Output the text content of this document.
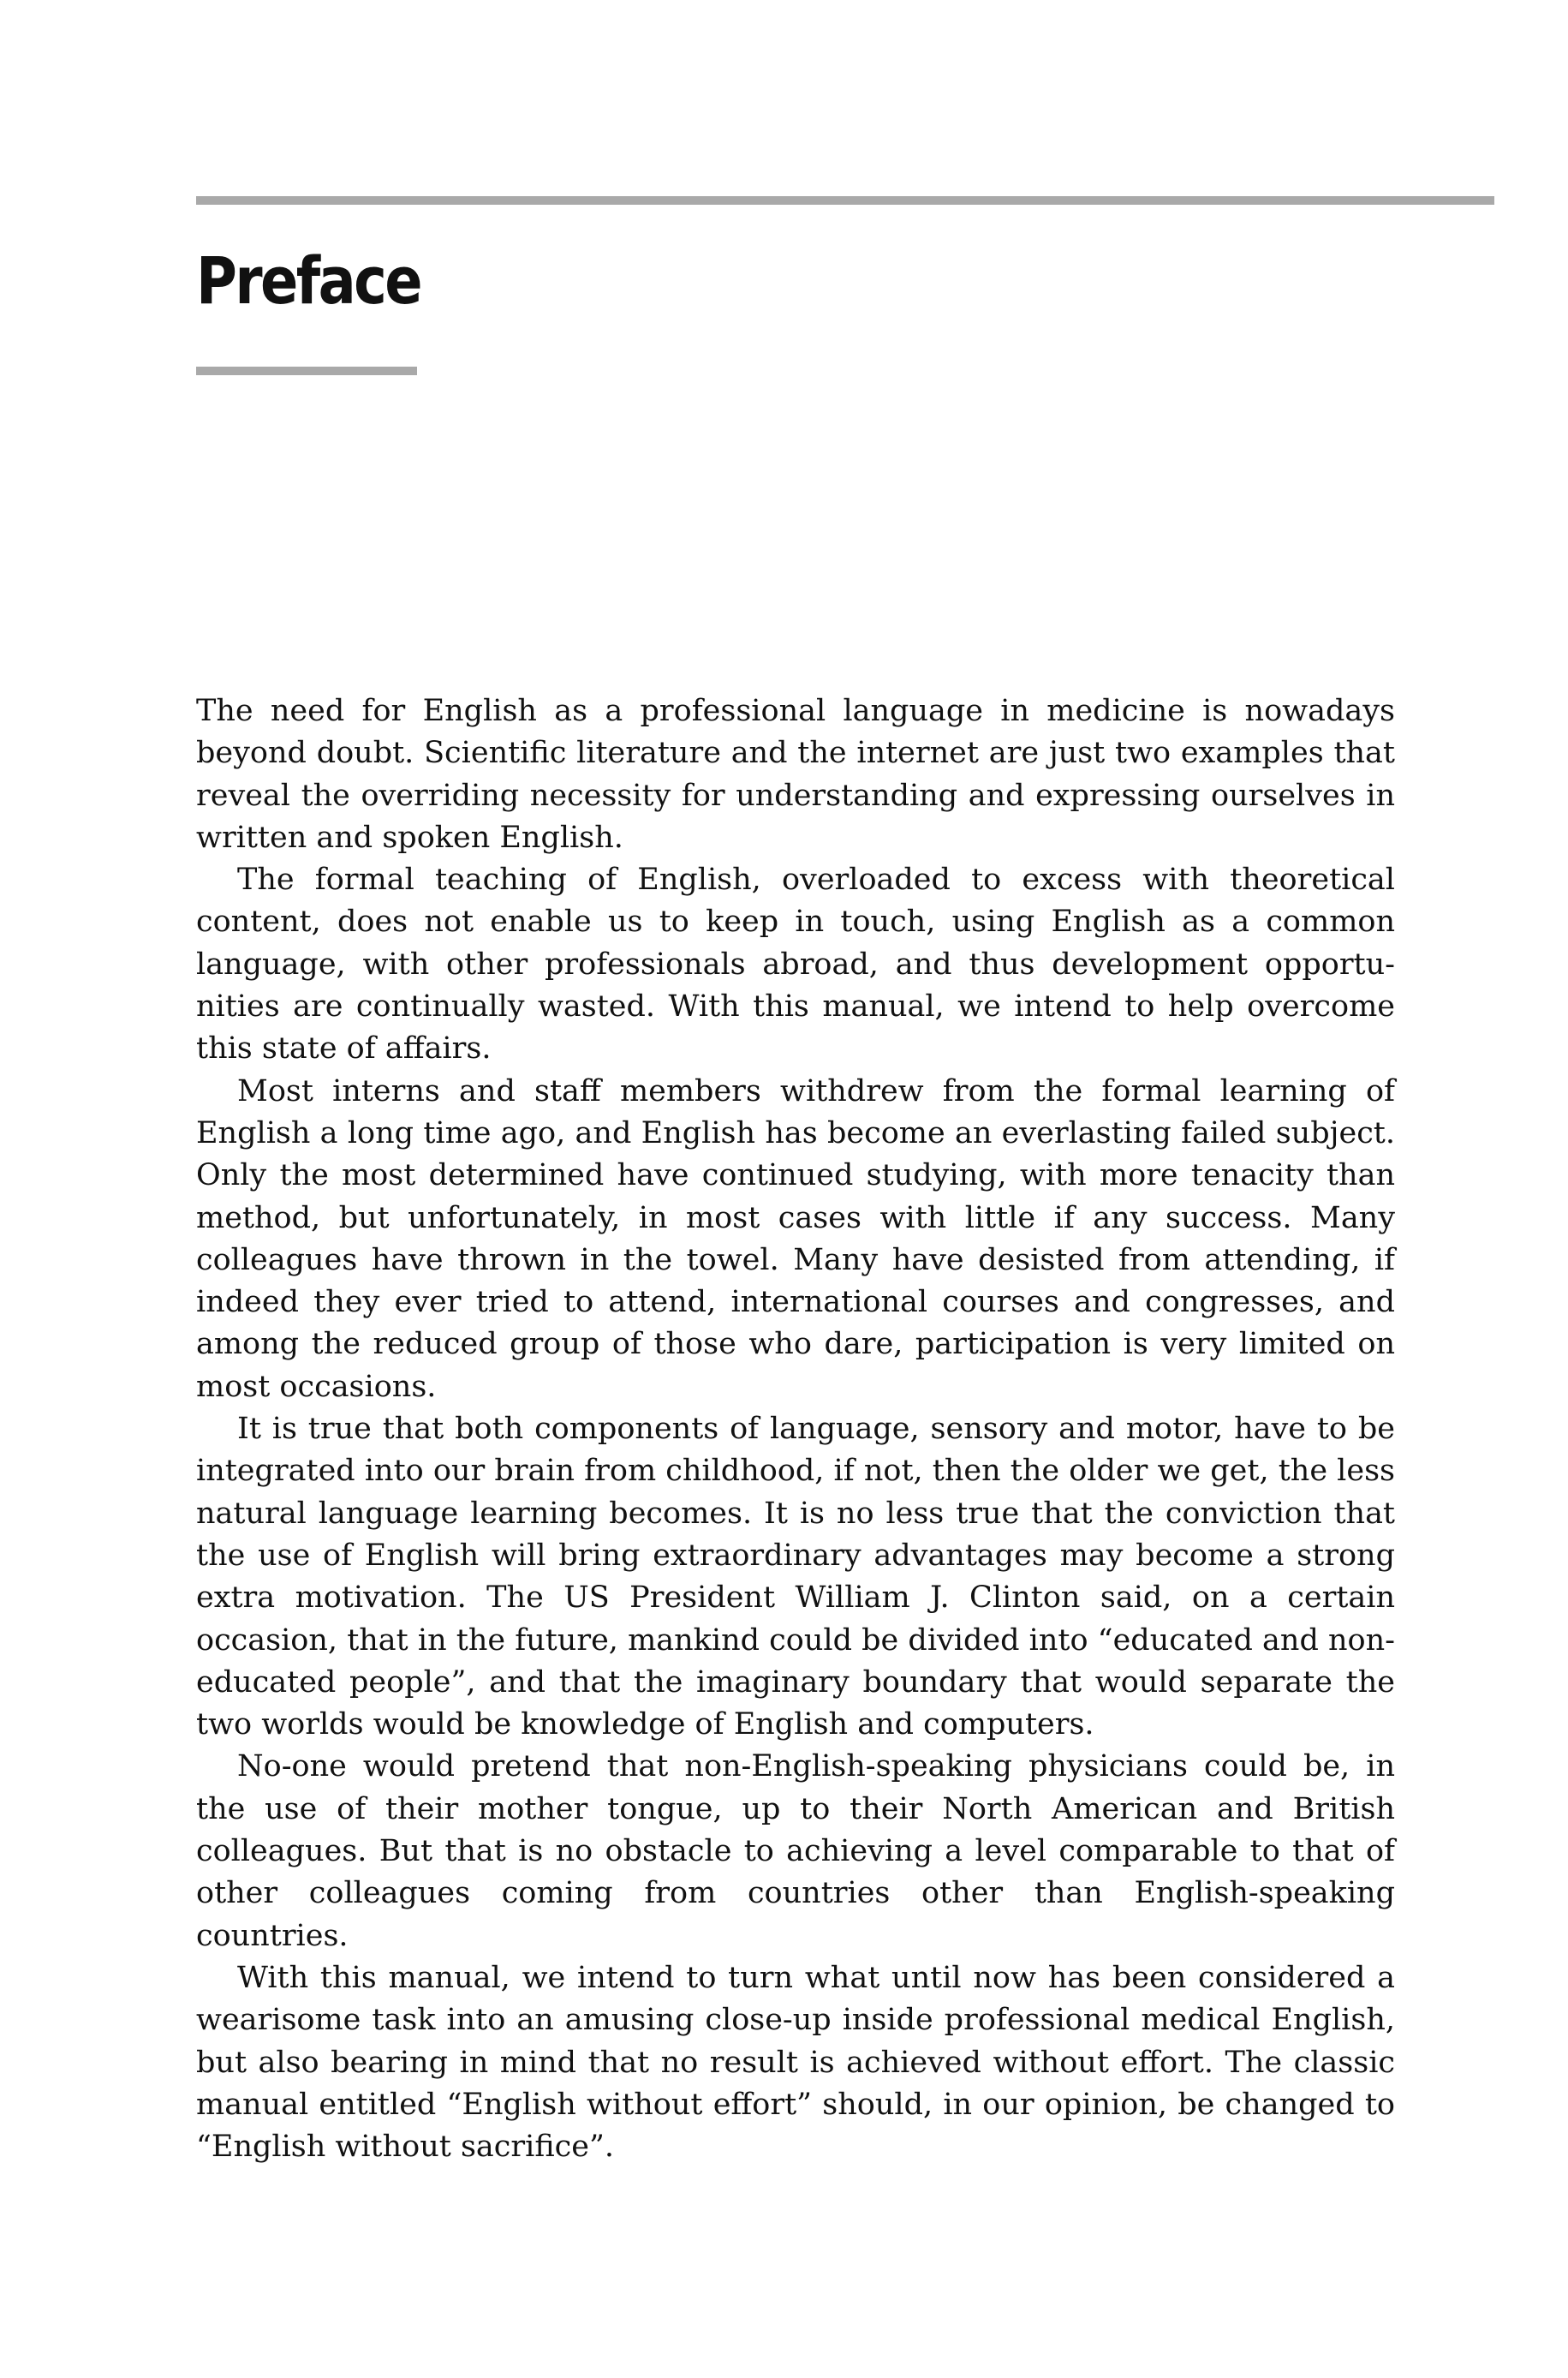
Preface

The need for English as a professional language in medicine is nowadays beyond doubt. Scientific literature and the internet are just two examples that reveal the overriding necessity for understanding and expressing ourselves in written and spoken English.

The formal teaching of English, overloaded to excess with theoretical content, does not enable us to keep in touch, using English as a common language, with other professionals abroad, and thus development opportunities are continually wasted. With this manual, we intend to help overcome this state of affairs.

Most interns and staff members withdrew from the formal learning of English a long time ago, and English has become an everlasting failed subject. Only the most determined have continued studying, with more tenacity than method, but unfortunately, in most cases with little if any success. Many colleagues have thrown in the towel. Many have desisted from attending, if indeed they ever tried to attend, international courses and congresses, and among the reduced group of those who dare, participation is very limited on most occasions.

It is true that both components of language, sensory and motor, have to be integrated into our brain from childhood, if not, then the older we get, the less natural language learning becomes. It is no less true that the conviction that the use of English will bring extraordinary advantages may become a strong extra motivation. The US President William J. Clinton said, on a certain occasion, that in the future, mankind could be divided into “educated and non-educated people”, and that the imaginary boundary that would separate the two worlds would be knowledge of English and computers.

No-one would pretend that non-English-speaking physicians could be, in the use of their mother tongue, up to their North American and British colleagues. But that is no obstacle to achieving a level comparable to that of other colleagues coming from countries other than English-speaking countries.

With this manual, we intend to turn what until now has been considered a wearisome task into an amusing close-up inside professional medical English, but also bearing in mind that no result is achieved without effort. The classic manual entitled “English without effort” should, in our opinion, be changed to “English without sacrifice”.
